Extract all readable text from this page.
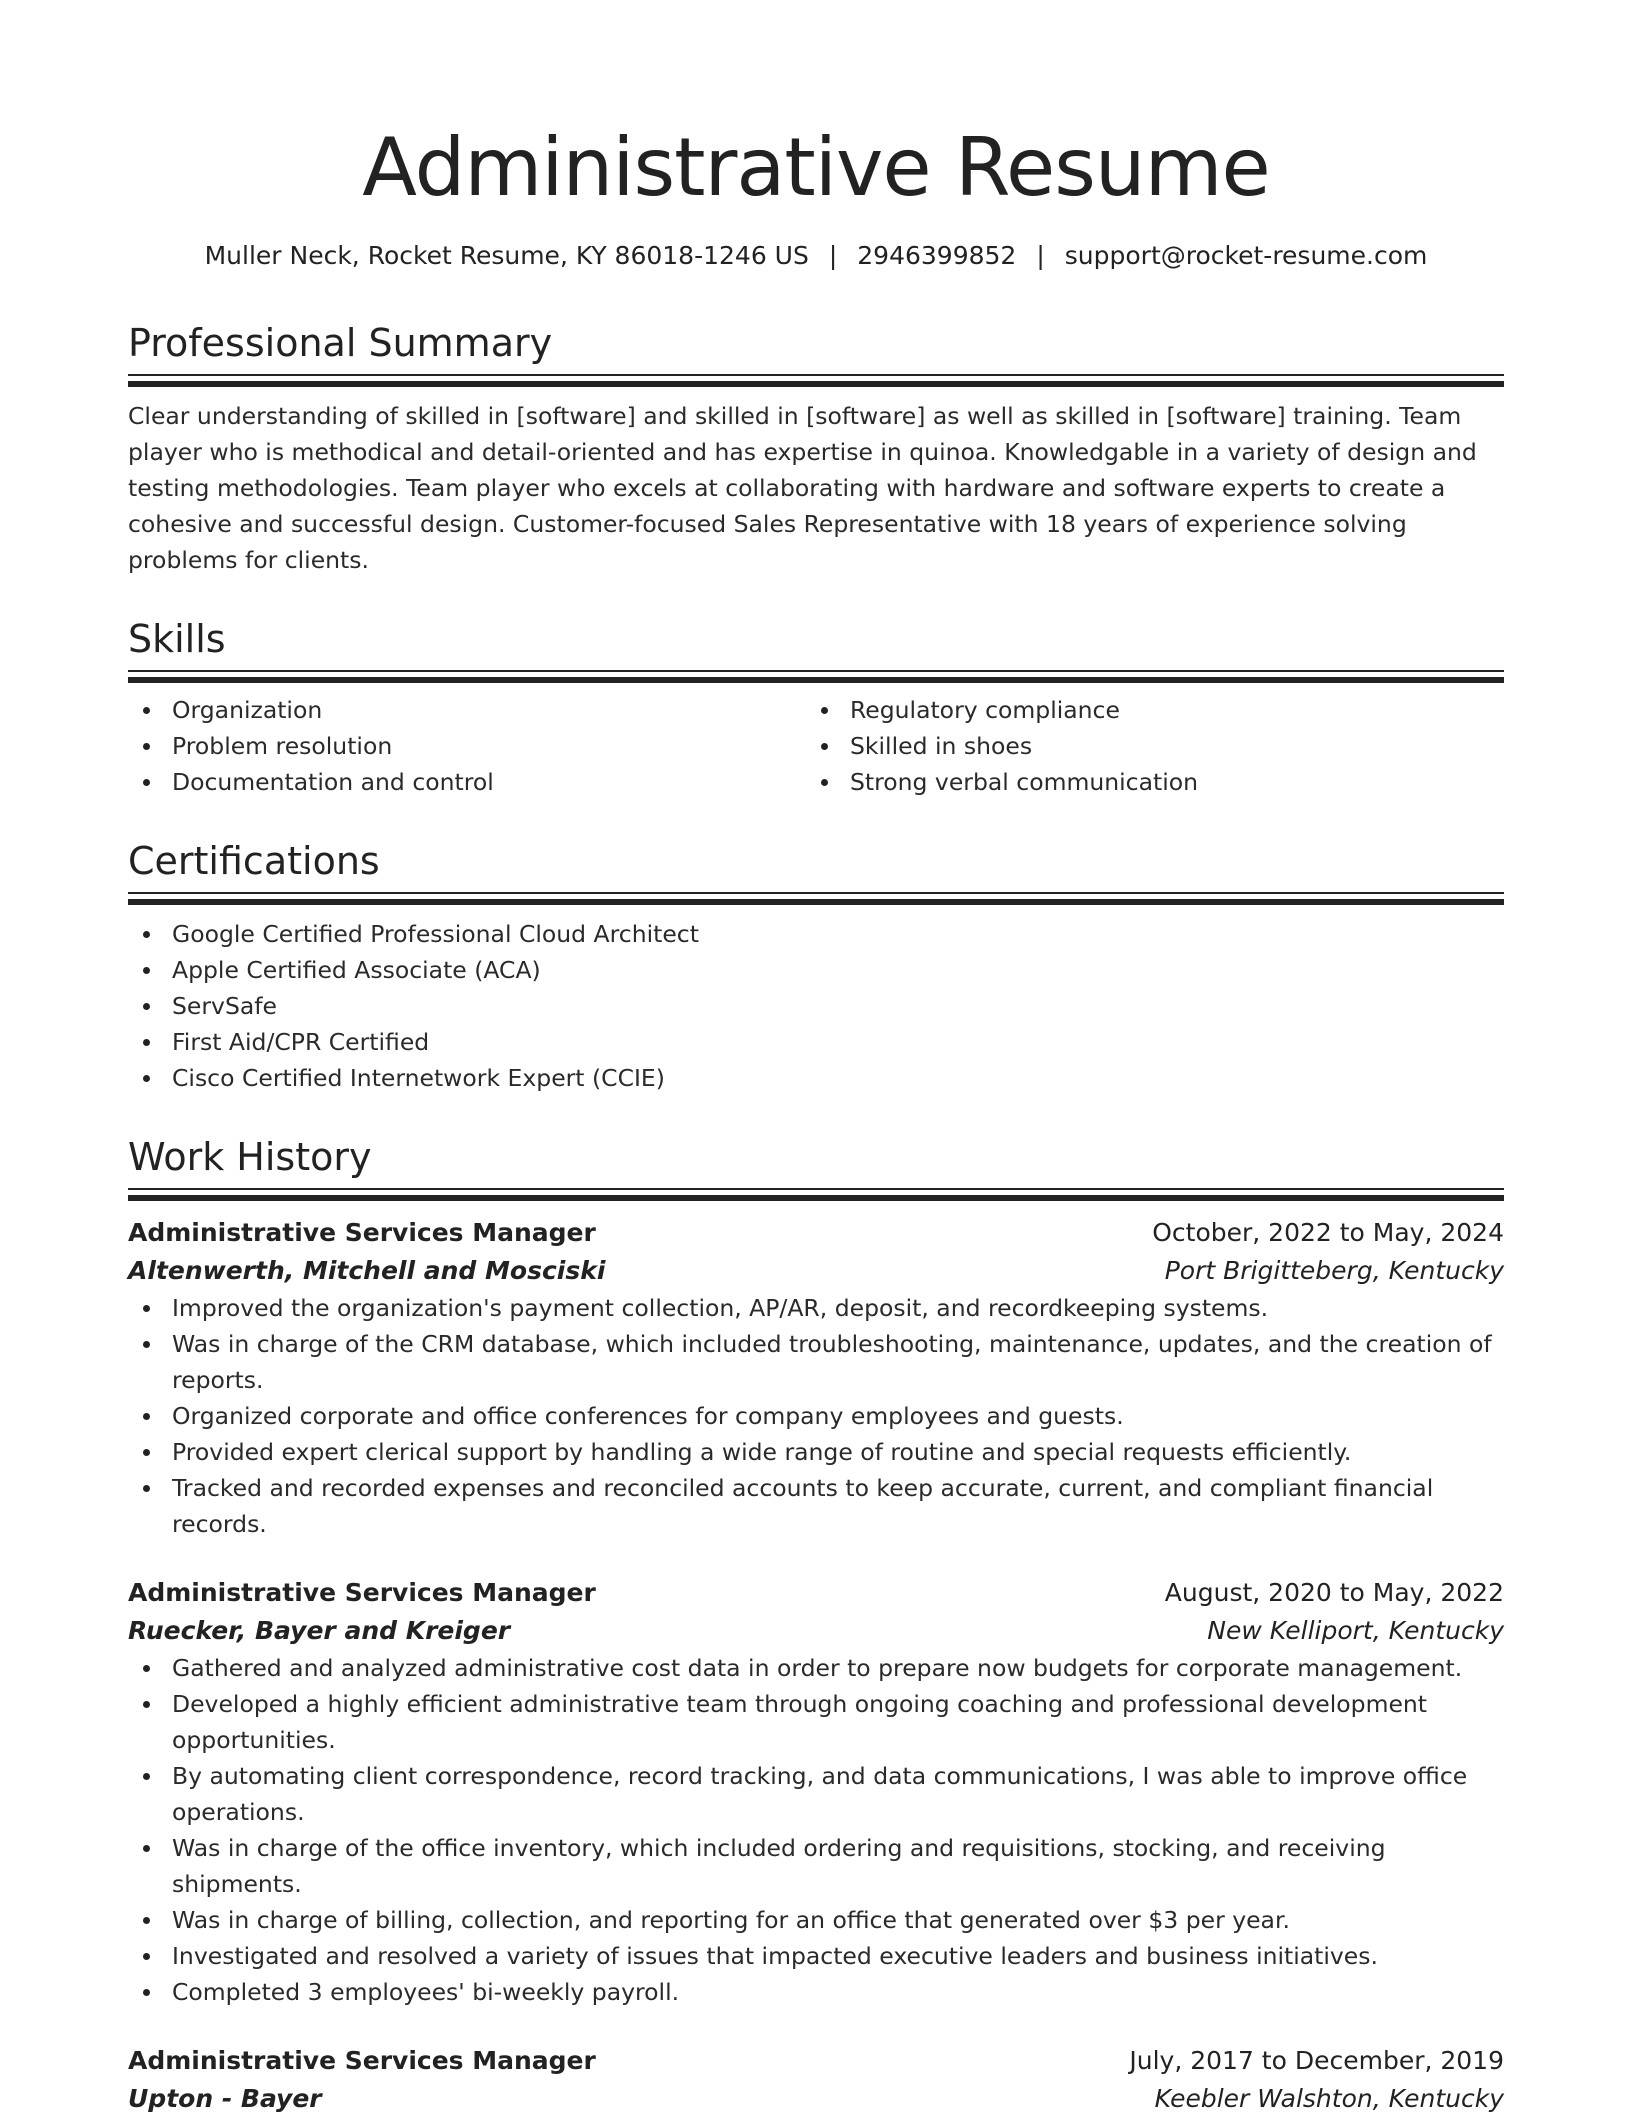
Administrative Resume
Muller Neck, Rocket Resume, KY 86018-1246 US | 2946399852 | support@rocket-resume.com
Professional Summary
Clear understanding of skilled in [software] and skilled in [software] as well as skilled in [software] training. Team player who is methodical and detail-oriented and has expertise in quinoa. Knowledgable in a variety of design and testing methodologies. Team player who excels at collaborating with hardware and software experts to create a cohesive and successful design. Customer-focused Sales Representative with 18 years of experience solving problems for clients.
Skills
Organization
Problem resolution
Documentation and control
Regulatory compliance
Skilled in shoes
Strong verbal communication
Certifications
Google Certified Professional Cloud Architect
Apple Certified Associate (ACA)
ServSafe
First Aid/CPR Certified
Cisco Certified Internetwork Expert (CCIE)
Work History
Administrative Services Manager	October, 2022 to May, 2024
Altenwerth, Mitchell and Mosciski	Port Brigitteberg, Kentucky
Improved the organization's payment collection, AP/AR, deposit, and recordkeeping systems.
Was in charge of the CRM database, which included troubleshooting, maintenance, updates, and the creation of reports.
Organized corporate and office conferences for company employees and guests.
Provided expert clerical support by handling a wide range of routine and special requests efficiently.
Tracked and recorded expenses and reconciled accounts to keep accurate, current, and compliant financial records.
Administrative Services Manager	August, 2020 to May, 2022
Ruecker, Bayer and Kreiger	New Kelliport, Kentucky
Gathered and analyzed administrative cost data in order to prepare now budgets for corporate management.
Developed a highly efficient administrative team through ongoing coaching and professional development opportunities.
By automating client correspondence, record tracking, and data communications, I was able to improve office operations.
Was in charge of the office inventory, which included ordering and requisitions, stocking, and receiving shipments.
Was in charge of billing, collection, and reporting for an office that generated over $3 per year.
Investigated and resolved a variety of issues that impacted executive leaders and business initiatives.
Completed 3 employees' bi-weekly payroll.
Administrative Services Manager	July, 2017 to December, 2019
Upton - Bayer	Keebler Walshton, Kentucky
